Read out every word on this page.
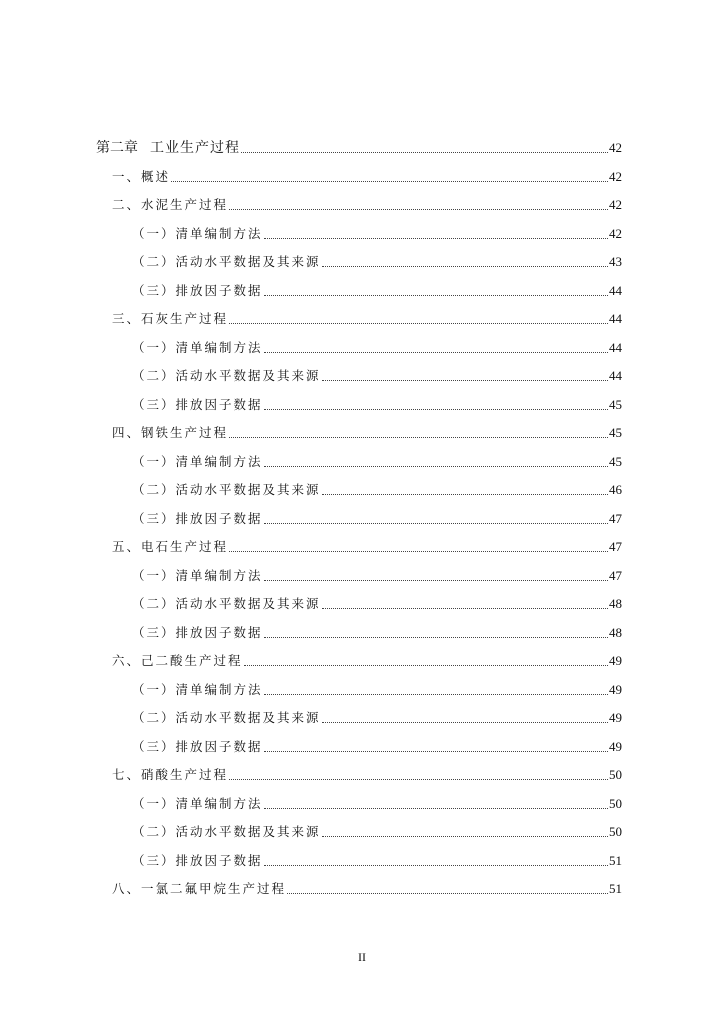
第二章 工业生产过程	42
一、 概述	42
二、 水泥生产过程	42
（一） 清单编制方法	42
（二） 活动水平数据及其来源	43
（三） 排放因子数据	44
三、 石灰生产过程	44
（一） 清单编制方法	44
（二） 活动水平数据及其来源	44
（三） 排放因子数据	45
四、 钢铁生产过程	45
（一） 清单编制方法	45
（二） 活动水平数据及其来源	46
（三） 排放因子数据	47
五、 电石生产过程	47
（一） 清单编制方法	47
（二） 活动水平数据及其来源	48
（三） 排放因子数据	48
六、 己二酸生产过程	49
（一） 清单编制方法	49
（二） 活动水平数据及其来源	49
（三） 排放因子数据	49
七、 硝酸生产过程	50
（一） 清单编制方法	50
（二） 活动水平数据及其来源	50
（三） 排放因子数据	51
八、 一氯二氟甲烷生产过程	51
II
